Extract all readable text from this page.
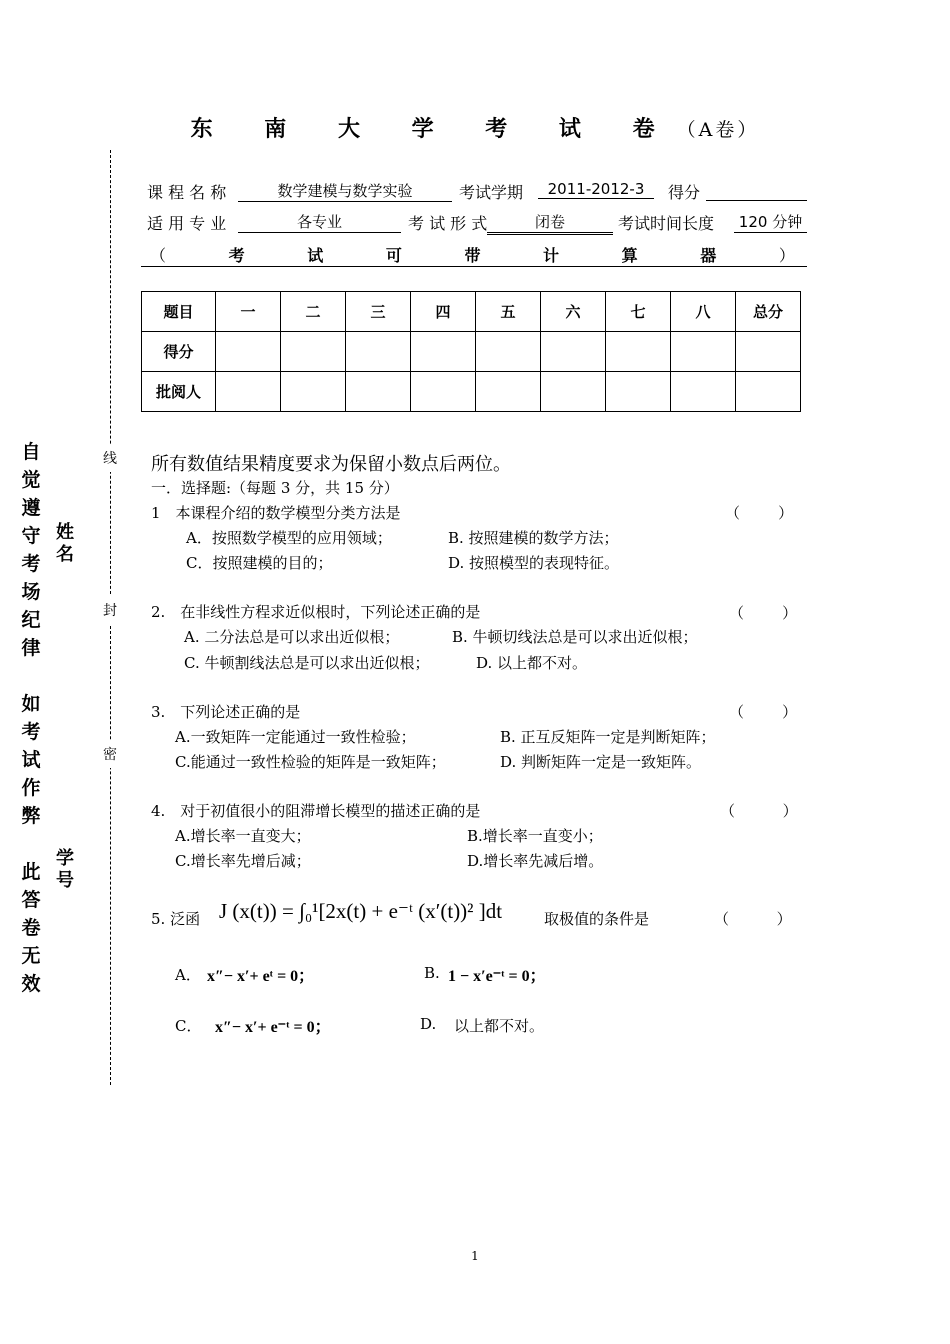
东 南 大 学 考 试 卷（A卷）
课 程 名 称	数学建模与数学实验	考试学期	2011-2012-3	得分
适 用 专 业	各专业	考 试 形 式	闭卷	考试时间长度	120 分钟
（	考	试	可	带	计	算	器	）
题目	一	二	三	四	五	六	七	八	总分
得分									
批阅人									
线
封
密
自
觉
遵
守
考
场
纪
律
如
考
试
作
弊
此
答
卷
无
效
姓名
学号
所有数值结果精度要求为保留小数点后两位。
一．选择题:（每题 3 分，共 15 分）
1　本课程介绍的数学模型分类方法是	（        ）
A．按照数学模型的应用领域；	B. 按照建模的数学方法；
C．按照建模的目的；	D. 按照模型的表现特征。
2.　在非线性方程求近似根时，下列论述正确的是	（        ）
A. 二分法总是可以求出近似根；	B. 牛顿切线法总是可以求出近似根；
C. 牛顿割线法总是可以求出近似根；	D. 以上都不对。
3.　下列论述正确的是	（        ）
A.一致矩阵一定能通过一致性检验；	B. 正互反矩阵一定是判断矩阵；
C.能通过一致性检验的矩阵是一致矩阵；	D. 判断矩阵一定是一致矩阵。
4.　对于初值很小的阻滞增长模型的描述正确的是	（          ）
A.增长率一直变大；	B.增长率一直变小；
C.增长率先增后减；	D.增长率先减后增。
5. 泛函 J (x(t)) = ∫₀¹[2x(t) + e⁻ᵗ (x′(t))² ]dt	取极值的条件是	（          ）
A． x″− x′+ eᵗ = 0；	B. 1 − x′e⁻ᵗ = 0；
C． x″− x′+ e⁻ᵗ = 0；	D. 以上都不对。
1
